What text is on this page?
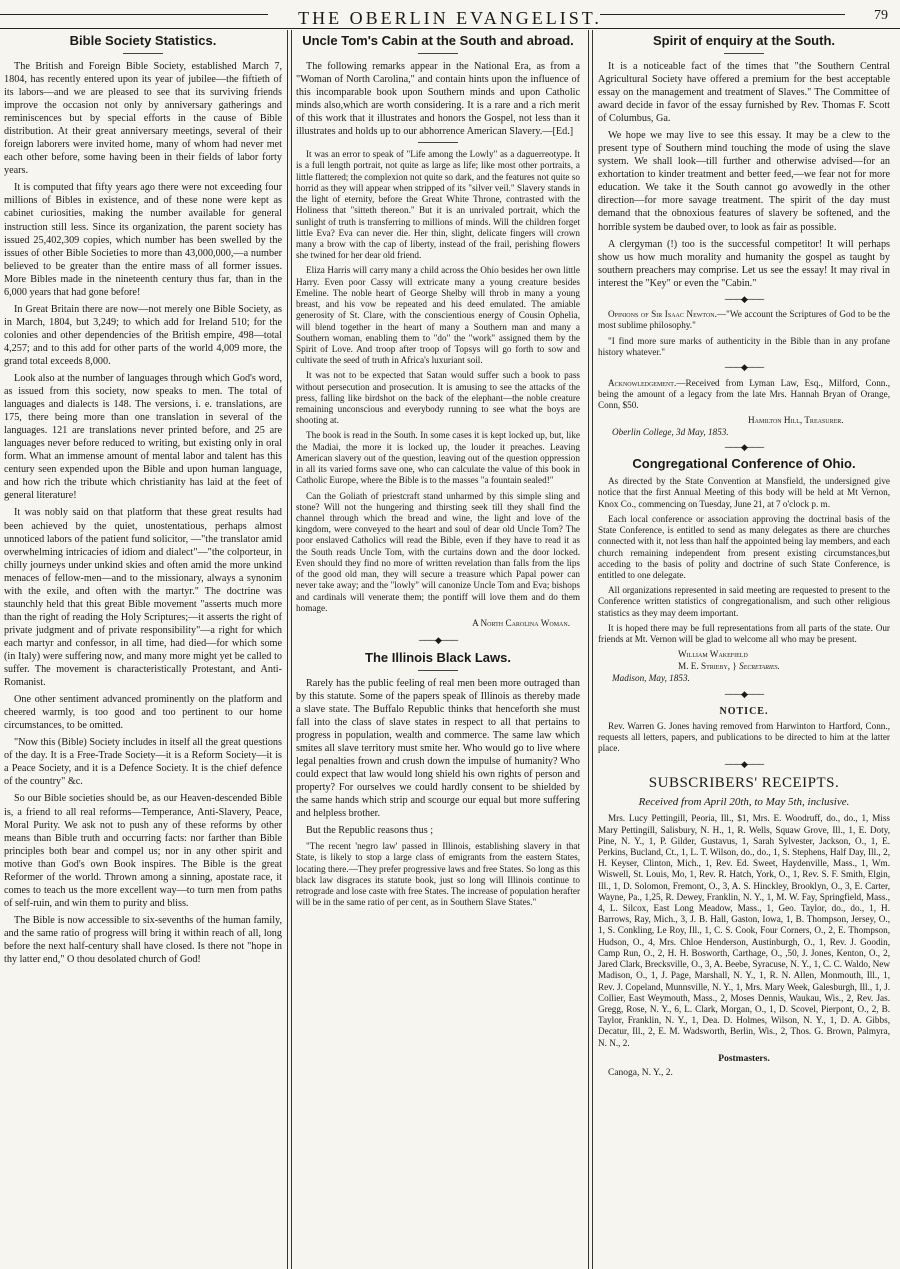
THE OBERLIN EVANGELIST.	79
Bible Society Statistics.

The British and Foreign Bible Society, established March 7, 1804, has recently entered upon its year of jubilee—the fiftieth of its labors—and we are pleased to see that its surviving friends improve the occasion not only by anniversary gatherings and reminiscences but by special efforts in the cause of Bible distribution. At their great anniversary meetings, several of their foreign laborers were invited home, many of whom had never met each other before, some having been in their fields of labor forty years.

It is computed that fifty years ago there were not exceeding four millions of Bibles in existence, and of these none were kept as cabinet curiosities, making the number available for general instruction still less. Since its organization, the parent society has issued 25,402,309 copies, which number has been swelled by the issues of other Bible Societies to more than 43,000,000,—a number believed to be greater than the entire mass of all former issues. More Bibles made in the nineteenth century thus far, than in the 6,000 years that had gone before!

In Great Britain there are now—not merely one Bible Society, as in March, 1804, but 3,249; to which add for Ireland 510; for the colonies and other dependencies of the British empire, 498—total 4,257; and to this add for other parts of the world 4,009 more, the grand total exceeds 8,000.

Look also at the number of languages through which God's word, as issued from this society, now speaks to men. The total of languages and dialects is 148. The versions, i. e. translations, are 175, there being more than one translation in several of the languages. 121 are translations never printed before, and 25 are languages never before reduced to writing, but existing only in oral form. What an immense amount of mental labor and talent has this century seen expended upon the Bible and upon human language, and how rich the tribute which christianity has laid at the feet of general literature!

It was nobly said on that platform that these great results had been achieved by the quiet, unostentatious, perhaps almost unnoticed labors of the patient fund solicitor, —"the translator amid overwhelming intricacies of idiom and dialect"—"the colporteur, in chilly journeys under unkind skies and often amid the more unkind menaces of fellow-men—and to the missionary, always a synonim with the exile, and often with the martyr." The doctrine was staunchly held that this great Bible movement "asserts much more than the right of reading the Holy Scriptures;—it asserts the right of private judgment and of private responsibility"—a right for which each martyr and confessor, in all time, had died—for which some (in Italy) were suffering now, and many more might yet be called to suffer. The movement is characteristically Protestant, and Anti-Romanist.

One other sentiment advanced prominently on the platform and cheered warmly, is too good and too pertinent to our home circumstances, to be omitted.

"Now this (Bible) Society includes in itself all the great questions of the day. It is a Free-Trade Society—it is a Reform Society—it is a Peace Society, and it is a Defence Society. It is the chief defence of the country" &c.

So our Bible societies should be, as our Heaven-descended Bible is, a friend to all real reforms—Temperance, Anti-Slavery, Peace, Moral Purity. We ask not to push any of these reforms by other means than Bible truth and occurring facts: nor farther than Bible principles both bear and compel us; nor in any other spirit and motive than God's own Book inspires. The Bible is the great Reformer of the world. Thrown among a sinning, apostate race, it comes to teach us the more excellent way—to turn men from paths of self-ruin, and win them to purity and bliss.

The Bible is now accessible to six-sevenths of the human family, and the same ratio of progress will bring it within reach of all, long before the next half-century shall have closed. Is there not "hope in thy latter end," O thou desolated church of God!

Uncle Tom's Cabin at the South and abroad.

The following remarks appear in the National Era, as from a "Woman of North Carolina," and contain hints upon the influence of this incomparable book upon Southern minds and upon Catholic minds also,which are worth considering. It is a rare and a rich merit of this work that it illustrates and honors the Gospel, not less than it illustrates and holds up to our abhorrence American Slavery.—[Ed.]

It was an error to speak of "Life among the Lowly" as a daguerreotype. It is a full length portrait, not quite as large as life; like most other portraits, a little flattered; the complexion not quite so dark, and the features not quite so horrid as they will appear when stripped of its "silver veil." Slavery stands in the light of eternity, before the Great White Throne, contrasted with the Holiness that "sitteth thereon." But it is an unrivaled portrait, which the sunlight of truth is transferring to millions of minds. Will the children forget little Eva? Eva can never die. Her thin, slight, delicate fingers will crown many a brow with the cap of liberty, instead of the frail, perishing flowers she twined for her dear old friend.

Eliza Harris will carry many a child across the Ohio besides her own little Harry. Even poor Cassy will extricate many a young creature besides Emeline. The noble heart of George Shelby will throb in many a young breast, and his vow be repeated and his deed emulated. The amiable generosity of St. Clare, with the conscientious energy of Cousin Ophelia, will blend together in the heart of many a Southern man and many a Southern woman, enabling them to "do" the "work" assigned them by the Spirit of Love. And troop after troop of Topsys will go forth to sow and cultivate the seed of truth in Africa's luxuriant soil.

It was not to be expected that Satan would suffer such a book to pass without persecution and prosecution. It is amusing to see the attacks of the press, falling like birdshot on the back of the elephant—the noble creature remaining unconscious and everybody running to see what the boys are shooting at.

The book is read in the South. In some cases it is kept locked up, but, like the Madiai, the more it is locked up, the louder it preaches. Leaving American slavery out of the question, leaving out of the question oppression in all its varied forms save one, who can calculate the value of this book in Catholic Europe, where the Bible is to the masses "a fountain sealed!"

Can the Goliath of priestcraft stand unharmed by this simple sling and stone? Will not the hungering and thirsting seek till they shall find the channel through which the bread and wine, the light and love of the kingdom, were conveyed to the heart and soul of dear old Uncle Tom? The poor enslaved Catholics will read the Bible, even if they have to read it as the South reads Uncle Tom, with the curtains down and the door locked. Even should they find no more of written revelation than falls from the lips of the good old man, they will secure a treasure which Papal power can never take away; and the "lowly" will canonize Uncle Tom and Eva; bishops and cardinals will venerate them; the pontiff will love them and do them homage.

A North Carolina Woman.
───◆───
The Illinois Black Laws.

Rarely has the public feeling of real men been more outraged than by this statute. Some of the papers speak of Illinois as thereby made a slave state. The Buffalo Republic thinks that henceforth she must fall into the class of slave states in respect to all that pertains to progress in population, wealth and commerce. The same law which smites all slave territory must smite her. Who would go to live where legal penalties frown and crush down the impulse of humanity? Who could expect that law would long shield his own rights of person and property? For ourselves we could hardly consent to be shielded by the same hands which strip and scourge our equal but more suffering and helpless brother.

But the Republic reasons thus ;

"The recent 'negro law' passed in Illinois, establishing slavery in that State, is likely to stop a large class of emigrants from the eastern States, locating there.—They prefer progressive laws and free States. So long as this black law disgraces its statute book, just so long will Illinois continue to retrograde and lose caste with free States. The increase of population herafter will be in the same ratio of per cent, as in Southern Slave States."

Spirit of enquiry at the South.

It is a noticeable fact of the times that "the Southern Central Agricultural Society have offered a premium for the best acceptable essay on the management and treatment of Slaves." The Committee of award decide in favor of the essay furnished by Rev. Thomas F. Scott of Columbus, Ga.

We hope we may live to see this essay. It may be a clew to the present type of Southern mind touching the mode of using the slave system. We shall look—till further and otherwise advised—for an exhortation to kinder treatment and better feed,—we fear not for more education. We take it the South cannot go avowedly in the other direction—for more savage treatment. The spirit of the day must demand that the obnoxious features of slavery be softened, and the horrible system be daubed over, to look as fair as possible.

A clergyman (!) too is the successful competitor! It will perhaps show us how much morality and humanity the gospel as taught by southern preachers may comprise. Let us see the essay! It may rival in interest the "Key" or even the "Cabin."

───◆───

Opinions of Sir Isaac Newton.—"We account the Scriptures of God to be the most sublime philosophy."

"I find more sure marks of authenticity in the Bible than in any profane history whatever."

───◆───

Acknowledgement.—Received from Lyman Law, Esq., Milford, Conn., being the amount of a legacy from the late Mrs. Hannah Bryan of Orange, Conn, $50.

Hamilton Hill, Treasurer.
Oberlin College, 3d May, 1853.
───◆───
Congregational Conference of Ohio.

As directed by the State Convention at Mansfield, the undersigned give notice that the first Annual Meeting of this body will be held at Mt Vernon, Knox Co., commencing on Tuesday, June 21, at 7 o'clock p. m.

Each local conference or association approving the doctrinal basis of the State Conference, is entitled to send as many delegates as there are churches connected with it, not less than half the appointed being lay members, and each church remaining independent from present existing circumstances,but acceding to the basis of polity and doctrine of such State Conference, is entitled to one delegate.

All organizations represented in said meeting are requested to present to the Conference written statistics of congregationalism, and such other religious statistics as they may deem important.

It is hoped there may be full representations from all parts of the state. Our friends at Mt. Vernon will be glad to welcome all who may be present.

William Wakefield
M. E. Strieby, } Secretaries.
Madison, May, 1853.
───◆───
NOTICE.

Rev. Warren G. Jones having removed from Harwinton to Hartford, Conn., requests all letters, papers, and publications to be directed to him at the latter place.

───◆───
SUBSCRIBERS' RECEIPTS.
Received from April 20th, to May 5th, inclusive.

Mrs. Lucy Pettingill, Peoria, Ill., $1, Mrs. E. Woodruff, do., do., 1, Miss Mary Pettingill, Salisbury, N. H., 1, R. Wells, Squaw Grove, Ill., 1, E. Doty, Pine, N. Y., 1, P. Gilder, Gustavus, 1, Sarah Sylvester, Jackson, O., 1, E. Perkins, Bucland, Ct., 1, L. T. Wilson, do., do., 1, S. Stephens, Half Day, Ill., 2, H. Keyser, Clinton, Mich., 1, Rev. Ed. Sweet, Haydenville, Mass., 1, Wm. Wiswell, St. Louis, Mo, 1, Rev. R. Hatch, York, O., 1, Rev. S. F. Smith, Elgin, Ill., 1, D. Solomon, Fremont, O., 3, A. S. Hinckley, Brooklyn, O., 3, E. Carter, Wayne, Pa., 1,25, R. Dewey, Franklin, N. Y., 1, M. W. Fay, Springfield, Mass., 4, L. Silcox, East Long Meadow, Mass., 1, Geo. Taylor, do., do., 1, H. Barrows, Ray, Mich., 3, J. B. Hall, Gaston, Iowa, 1, B. Thompson, Jersey, O., 1, S. Conkling, Le Roy, Ill., 1, C. S. Cook, Four Corners, O., 2, E. Thompson, Hudson, O., 4, Mrs. Chloe Henderson, Austinburgh, O., 1, Rev. J. Goodin, Camp Run, O., 2, H. H. Bosworth, Carthage, O., ,50, J. Jones, Kenton, O., 2, Jared Clark, Brecksville, O., 3, A. Beebe, Syracuse, N. Y., 1, C. C. Waldo, New Madison, O., 1, J. Page, Marshall, N. Y., 1, R. N. Allen, Monmouth, Ill., 1, Rev. J. Copeland, Munnsville, N. Y., 1, Mrs. Mary Week, Galesburgh, Ill., 1, J. Collier, East Weymouth, Mass., 2, Moses Dennis, Waukau, Wis., 2, Rev. Jas. Gregg, Rose, N. Y., 6, L. Clark, Morgan, O., 1, D. Scovel, Pierpont, O., 2, B. Taylor, Franklin, N. Y., 1, Dea. D. Holmes, Wilson, N. Y., 1, D. A. Gibbs, Decatur, Ill., 2, E. M. Wadsworth, Berlin, Wis., 2, Thos. G. Brown, Palmyra, N. N., 2.

Postmasters.
Canoga, N. Y., 2.
